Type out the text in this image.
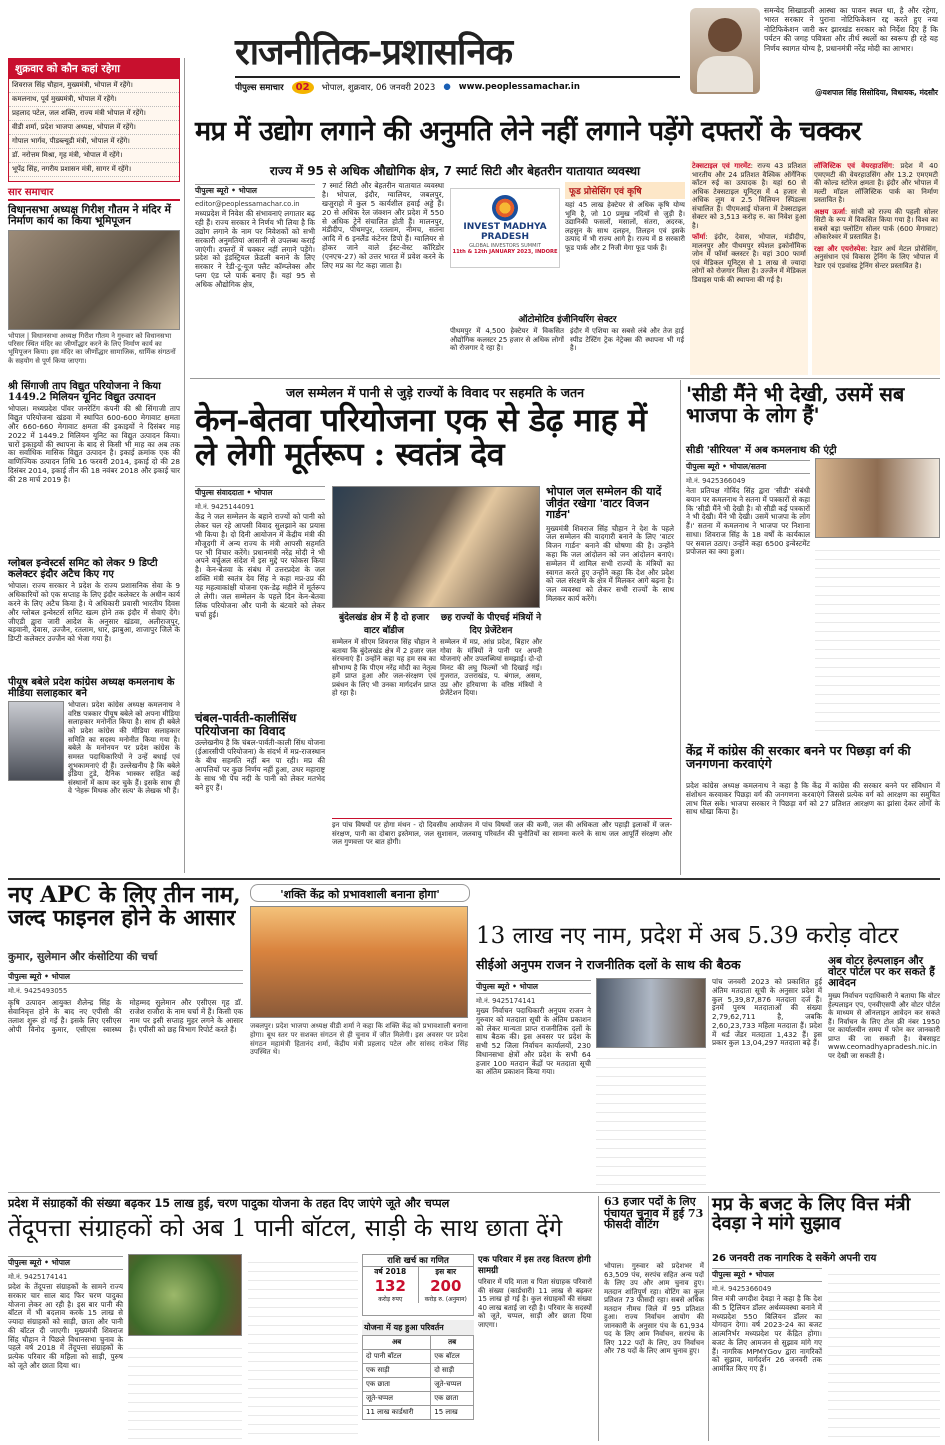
शुक्रवार को कौन कहां रहेगा
शिवराज सिंह चौहान, मुख्यमंत्री, भोपाल में रहेंगे।
कमलनाथ, पूर्व मुख्यमंत्री, भोपाल में रहेंगे।
प्रहलाद पटेल, जल शक्ति, राज्य मंत्री भोपाल में रहेंगे।
वीडी शर्मा, प्रदेश भाजपा अध्यक्ष, भोपाल में रहेंगे।
गोपाल भार्गव, पीडब्ल्यूडी मंत्री, भोपाल में रहेंगे।
डॉ. नरोत्तम मिश्रा, गृह मंत्री, भोपाल में रहेंगे।
भूपेंद्र सिंह, नगरीय प्रशासन मंत्री, सागर में रहेंगे।
राजनीतिक-प्रशासनिक
पीपुल्स समाचार	02	भोपाल, शुक्रवार, 06 जनवरी 2023 ● www.peoplessamachar.in
समन्वेद सिखाडजी आस्था का पावन स्थल था, है और रहेगा, भारत सरकार ने पुराना नोटिफिकेशन रद्द करते हुए नया नोटिफिकेशन जारी कर झारखंड सरकार को निर्देश दिए हैं कि पर्यटन की जगह पवित्रता और तीर्थ स्थलों का स्वरूप ही रहे यह निर्णय स्वागत योग्य है, प्रधानमंत्री नरेंद्र मोदी का आभार।
@यशपाल सिंह सिसोदिया, विधायक, मंदसौर
सार समाचार
विधानसभा अध्यक्ष गिरीश गौतम ने मंदिर में निर्माण कार्य का किया भूमिपूजन
भोपाल | विधानसभा अध्यक्ष गिरीश गौतम ने गुरुवार को विधानसभा परिसर स्थित मंदिर का जीर्णोद्धार करने के लिए निर्माण कार्य का भूमिपूजन किया। इस मंदिर का जीर्णोद्धार सामाजिक, धार्मिक संगठनों के सहयोग से पूर्ण किया जाएगा।
श्री सिंगाजी ताप विद्युत परियोजना ने किया 1449.2 मिलियन यूनिट विद्युत उत्पादन
भोपाल। मध्यप्रदेश पॉवर जनरेटिंग कंपनी की श्री सिंगाजी ताप विद्युत परियोजना खंडवा में स्थापित 600-600 मेगावाट क्षमता और 660-660 मेगावाट क्षमता की इकाइयों ने दिसंबर माह 2022 में 1449.2 मिलियन यूनिट का विद्युत उत्पादन किया। चारों इकाइयों की स्थापना के बाद से किसी भी माह का अब तक का सर्वाधिक मासिक विद्युत उत्पादन है। इकाई क्रमांक एक की वाणिज्यिक उत्पादन तिथि 16 फरवरी 2014, इकाई दो की 28 दिसंबर 2014, इकाई तीन की 18 नवंबर 2018 और इकाई चार की 28 मार्च 2019 है।
ग्लोबल इन्वेस्टर्स समिट को लेकर 9 डिप्टी कलेक्टर इंदौर अटैच किए गए
भोपाल। राज्य सरकार ने प्रदेश के राज्य प्रशासनिक सेवा के 9 अधिकारियों को एक सप्ताह के लिए इंदौर कलेक्टर के अधीन कार्य करने के लिए अटैच किया है। ये अधिकारी प्रवासी भारतीय दिवस और ग्लोबल इन्वेस्टर्स समिट खत्म होने तक इंदौर में सेवाएं देंगे। जीएडी द्वारा जारी आदेश के अनुसार खंडवा, अलीराजपुर, बड़वानी, देवास, उज्जैन, रतलाम, धार, झाबुआ, शाजापुर जिले के डिप्टी कलेक्टर उज्जैन को भेजा गया है।
पीयूष बबेले प्रदेश कांग्रेस अध्यक्ष कमलनाथ के मीडिया सलाहकार बने
भोपाल। प्रदेश कांग्रेस अध्यक्ष कमलनाथ ने वरिष्ठ पत्रकार पीयूष बबेले को अपना मीडिया सलाहकार मनोनीत किया है। साथ ही बबेले को प्रदेश कांग्रेस की मीडिया सलाहकार समिति का सदस्य मनोनीत किया गया है। बबेले के मनोनयन पर प्रदेश कांग्रेस के समस्त पदाधिकारियों ने उन्हें बधाई एवं शुभकामनाएं दी हैं। उल्लेखनीय है कि बबेले इंडिया टुडे, दैनिक भास्कर सहित कई संस्थानों में काम कर चुके हैं। इसके साथ ही वे 'नेहरू मिथक और सत्य' के लेखक भी हैं।
मप्र में उद्योग लगाने की अनुमति लेने नहीं लगाने पड़ेंगे दफ्तरों के चक्कर
राज्य में 95 से अधिक औद्योगिक क्षेत्र, 7 स्मार्ट सिटी और बेहतरीन यातायात व्यवस्था
पीपुल्स ब्यूरो • भोपाल
editor@peoplessamachar.co.in
मध्यप्रदेश में निवेश की संभावनाएं लगातार बढ़ रही हैं। राज्य सरकार ने निर्णय भी लिया है कि उद्योग लगाने के नाम पर निवेशकों को सभी सरकारी अनुमतियां आसानी से उपलब्ध कराई जाएंगी। दफ्तरों में चक्कर नहीं लगाने पड़ेंगे। प्रदेश को इंडस्ट्रियल फ्रेंडली बनाने के लिए सरकार ने रेडी-टू-यूज फ्लैट कॉम्प्लेक्स और प्लग एंड प्ले पार्क बनाए हैं। यहां 95 से अधिक औद्योगिक क्षेत्र,
7 स्मार्ट सिटी और बेहतरीन यातायात व्यवस्था है। भोपाल, इंदौर, ग्वालियर, जबलपुर, खजुराहो में कुल 5 कार्यशील हवाई अड्डे हैं। 20 से अधिक रेल जंक्शन और प्रदेश में 550 से अधिक ट्रेनें संचालित होती हैं। मालनपुर, मंडीदीप, पीथमपुर, रतलाम, नीमच, सतना आदि में 6 इनलैंड कंटेनर डिपो हैं। ग्वालियर से होकर जाने वाले ईस्ट-वेस्ट कॉरिडोर (एनएच-27) को उत्तर भारत में प्रवेश करने के लिए मप्र का गेट कहा जाता है।
INVEST MADHYA PRADESH
GLOBAL INVESTORS SUMMIT
11th & 12th JANUARY 2023, INDORE
फूड प्रोसेसिंग एवं कृषि
यहां 45 लाख हेक्टेयर से अधिक कृषि योग्य भूमि है, जो 10 प्रमुख नदियों से जुड़ी है। उद्यानिकी फसलों, मसालों, संतरा, अदरक, लहसुन के साथ दलहन, तिलहन एवं इसके उत्पाद में भी राज्य आगे है। राज्य में 8 सरकारी फूड पार्क और 2 निजी मेगा फूड पार्क हैं।
ऑटोमोटिव इंजीनियरिंग सेक्टर
पीथमपुर में 4,500 हेक्टेयर में विकसित औद्योगिक कलस्टर 25 हजार से अधिक लोगों को रोजगार दे रहा है।
इंदौर में एशिया का सबसे लंबे और तेज हाई स्पीड टेस्टिंग ट्रेक नेट्रेक्स की स्थापना भी गई है।
टेक्सटाइल एवं गारमेंट: राज्य 43 प्रतिशत भारतीय और 24 प्रतिशत वैश्विक ऑर्गेनिक कॉटन रुई का उत्पादक है। यहां 60 से अधिक टेक्सटाइल यूनिट्स में 4 हजार से अधिक लूम व 2.5 मिलियन स्पिंडल्स संचालित हैं। पीएमआई योजना में टेक्सटाइल सेक्टर को 3,513 करोड़ रु. का निवेश हुआ है।
फॉर्मा: इंदौर, देवास, भोपाल, मंडीदीप, मालनपुर और पीथमपुर स्पेशल इकोनॉमिक जोन में फॉर्मा क्लस्टर है। यहां 300 फार्मा एवं मेडिकल यूनिट्स से 1 लाख से ज्यादा लोगों को रोजगार मिला है। उज्जैन में मेडिकल डिवाइस पार्क की स्थापना की गई है।
लॉजिस्टिक एवं वेयरहाउसिंग: प्रदेश में 40 एमएमटी की वेयरहाउसिंग और 13.2 एमएमटी की कोल्ड स्टोरेज क्षमता है। इंदौर और भोपाल में मल्टी मॉडल लॉजिस्टिक पार्क का निर्माण प्रस्तावित है।
अक्षय ऊर्जा: सांची को राज्य की पहली सोलर सिटी के रूप में विकसित किया गया है। विश्व का सबसे बड़ा फ्लोटिंग सोलर पार्क (600 मेगावाट) ओंकारेश्वर में प्रस्तावित है।
रक्षा और एयरोस्पेस: रेडार अर्थ मेटल प्रोसेसिंग, अनुसंधान एवं विकास ट्रेनिंग के लिए भोपाल में रेडार एवं एडवांस्ड ट्रेनिंग सेन्टर प्रस्तावित है।
जल सम्मेलन में पानी से जुड़े राज्यों के विवाद पर सहमति के जतन
केन-बेतवा परियोजना एक से डेढ़ माह में ले लेगी मूर्तरूप : स्वतंत्र देव
पीपुल्स संवाददाता • भोपाल
मो.नं. 9425144091
केंद्र ने जल सम्मेलन के बहाने राज्यों को पानी को लेकर चल रहे आपसी विवाद सुलझाने का प्रयास भी किया है। दो दिनी आयोजन में केंद्रीय मंत्री की मौजूदगी में अन्य राज्य के मंत्री आपसी सहमति पर भी विचार करेंगे। प्रधानमंत्री नरेंद्र मोदी ने भी अपने वर्चुअल संदेश में इस मुद्दे पर फोकस किया है। केन-बेतवा के संबंध में उत्तरप्रदेश के जल शक्ति मंत्री स्वतंत्र देव सिंह ने कहा मप्र-उप्र की यह महत्वाकांक्षी योजना एक-डेढ़ महीने में मूर्तरूप ले लेगी। जल सम्मेलन के पहले दिन केन-बेतवा लिंक परियोजना और पानी के बंटवारे को लेकर चर्चा हुई।
चंबल-पार्वती-कालीसिंध परियोजना का विवाद
उल्लेखनीय है कि चंबल-पार्वती-काली सिंध योजना (ईआरसीपी परियोजना) के संदर्भ में मप्र-राजस्थान के बीच सहमति नहीं बन पा रही। मप्र की आपत्तियों पर कुछ निर्णय नहीं हुआ, उधर महाराष्ट्र के साथ भी पेंच नदी के पानी को लेकर मतभेद बने हुए हैं।
बुंदेलखंड क्षेत्र में है दो हजार वाटर बॉडीज
सम्मेलन में सीएम शिवराज सिंह चौहान ने बताया कि बुंदेलखंड क्षेत्र में 2 हजार जल संरचनाएं हैं। उन्होंने कहा यह हम सब का सौभाग्य है कि पीएम नरेंद्र मोदी का नेतृत्व हमें प्राप्त हुआ और जल-संरक्षण एवं प्रबंधन के लिए भी उनका मार्गदर्शन प्राप्त हो रहा है।
छह राज्यों के पीएचई मंत्रियों ने दिए प्रेजेंटेशन
सम्मेलन में मप्र, आंध्र प्रदेश, बिहार और गोवा के मंत्रियों ने पानी पर अपनी योजनाएं और उपलब्धियां समझाईं। दो-दो मिनट की लघु फिल्मों भी दिखाई गई। गुजरात, उत्तराखंड, प. बंगाल, असम, उप्र और हरियाणा के वरिष्ठ मंत्रियों ने प्रेजेंटेशन दिया।
इन पांच विषयों पर होगा मंथन - दो दिवसीय आयोजन में पांच विषयों जल की कमी, जल की अधिकता और पहाड़ी इलाकों में जल-संरक्षण, पानी का दोबारा इस्तेमाल, जल सुशासन, जलवायु परिवर्तन की चुनौतियों का सामना करने के साथ जल आपूर्ति संरक्षण और जल गुणवत्ता पर बात होगी।
भोपाल जल सम्मेलन की यादें जीवंत रखेगा 'वाटर विजन गार्डन'
मुख्यमंत्री शिवराज सिंह चौहान ने देश के पहले जल सम्मेलन की यादगारी बनाने के लिए 'वाटर विजन गार्डन' बनाने की घोषणा की है। उन्होंने कहा कि जल आंदोलन को जन आंदोलन बनाएं। सम्मेलन में शामिल सभी राज्यों के मंत्रियों का स्वागत करते हुए उन्होंने कहा कि देश और प्रदेश को जल संरक्षण के क्षेत्र में मिलकर आगे बढ़ना है। जल व्यवस्था को लेकर सभी राज्यों के साथ मिलकर कार्य करेंगे।
'सीडी मैंने भी देखी, उसमें सब भाजपा के लोग हैं'
सीडी 'सीरियल' में अब कमलनाथ की एंट्री
पीपुल्स ब्यूरो • भोपाल/सतना
मो.नं. 9425366049
नेता प्रतिपक्ष गोविंद सिंह द्वारा 'सीडी' संबंधी बयान पर कमलनाथ ने सतना में पत्रकारों से कहा कि 'सीडी मैंने भी देखी है। वो सीडी कई पत्रकारों ने भी देखी। मैंने भी देखी। उसमें भाजपा के लोग हैं।' सतना में कमलनाथ ने भाजपा पर निशाना साधा। शिवराज सिंह के 18 वर्षों के कार्यकाल पर सवाल उठाए। उन्होंने कहा 6500 इन्वेस्टमेंट प्रपोजल का क्या हुआ।
केंद्र में कांग्रेस की सरकार बनने पर पिछड़ा वर्ग की जनगणना करवाएंगे
प्रदेश कांग्रेस अध्यक्ष कमलनाथ ने कहा है कि केंद्र में कांग्रेस की सरकार बनने पर संविधान में संशोधन करवाकर पिछड़ा वर्ग की जनगणना करवाएंगे जिससे प्रत्येक वर्ग को आरक्षण का समुचित लाभ मिल सके। भाजपा सरकार ने पिछड़ा वर्ग को 27 प्रतिशत आरक्षण का झांसा देकर लोगों के साथ धोखा किया है।
नए APC के लिए तीन नाम, जल्द फाइनल होने के आसार
कुमार, सुलेमान और कंसोटिया की चर्चा
पीपुल्स ब्यूरो • भोपाल
मो.नं. 9425493055
कृषि उत्पादन आयुक्त शैलेन्द्र सिंह के सेवानिवृत्त होने के बाद नए एपीसी की तलाश शुरू हो गई है। इसके लिए एसीएस ओपी विनोद कुमार, एसीएस स्वास्थ्य मोहम्मद सुलेमान और एसीएस गृह डॉ. राजेश राजौरा के नाम चर्चा में हैं। किसी एक नाम पर इसी सप्ताह मुहर लगने के आसार हैं। एपीसी को छह विभाग रिपोर्ट करते हैं।
'शक्ति केंद्र को प्रभावशाली बनाना होगा'
जबलपुर। प्रदेश भाजपा अध्यक्ष वीडी शर्मा ने कहा कि शक्ति केंद्र को प्रभावशाली बनाना होगा। बूथ स्तर पर सशक्त संगठन से ही चुनाव में जीत मिलेगी। इस अवसर पर प्रदेश संगठन महामंत्री हितानंद शर्मा, केंद्रीय मंत्री प्रहलाद पटेल और सांसद राकेश सिंह उपस्थित थे।
13 लाख नए नाम, प्रदेश में अब 5.39 करोड़ वोटर
सीईओ अनुपम राजन ने राजनीतिक दलों के साथ की बैठक
पीपुल्स ब्यूरो • भोपाल
मो.नं. 9425174141
मुख्य निर्वाचन पदाधिकारी अनुपम राजन ने गुरुवार को मतदाता सूची के अंतिम प्रकाशन को लेकर मान्यता प्राप्त राजनीतिक दलों के साथ बैठक की। इस अवसर पर प्रदेश के सभी 52 जिला निर्वाचन कार्यालयों, 230 विधानसभा क्षेत्रों और प्रदेश के सभी 64 हजार 100 मतदान केंद्रों पर मतदाता सूची का अंतिम प्रकाशन किया गया।
पांच जनवरी 2023 को प्रकाशित हुई अंतिम मतदाता सूची के अनुसार प्रदेश में कुल 5,39,87,876 मतदाता दर्ज हैं। इनमें पुरुष मतदाताओं की संख्या 2,79,62,711 है, जबकि 2,60,23,733 महिला मतदाता हैं। प्रदेश में थर्ड जेंडर मतदाता 1,432 हैं। इस प्रकार कुल 13,04,297 मतदाता बढ़े हैं।
अब वोटर हेल्पलाइन और वोटर पोर्टल पर कर सकते हैं आवेदन
मुख्य निर्वाचन पदाधिकारी ने बताया कि वोटर हेल्पलाइन एप, एनवीएसपी और वोटर पोर्टल के माध्यम से ऑनलाइन आवेदन कर सकते हैं। निर्वाचन के लिए टोल फ्री नंबर 1950 पर कार्यालयीन समय में फोन कर जानकारी प्राप्त की जा सकती है। वेबसाइट www.ceomadhyapradesh.nic.in पर देखी जा सकती है।
प्रदेश में संग्राहकों की संख्या बढ़कर 15 लाख हुई, चरण पादुका योजना के तहत दिए जाएंगे जूते और चप्पल
तेंदूपत्ता संग्राहकों को अब 1 पानी बॉटल, साड़ी के साथ छाता देंगे
पीपुल्स ब्यूरो • भोपाल
मो.नं. 9425174141
प्रदेश के तेंदूपत्ता संग्राहकों के सामने राज्य सरकार चार साल बाद फिर चरण पादुका योजना लेकर आ रही है। इस बार पानी की बॉटल में भी बदलाव करके 15 लाख से ज्यादा संग्राहकों को साड़ी, छाता और पानी की बॉटल दी जाएगी। मुख्यमंत्री शिवराज सिंह चौहान ने पिछले विधानसभा चुनाव के पहले वर्ष 2018 में तेंदूपत्ता संग्राहकों के प्रत्येक परिवार की महिला को साड़ी, पुरुष को जूते और छाता दिया था।
राशि खर्च का गणित
वर्ष 2018
132
करोड़ रुपए
इस बार
200
करोड़ रु. (अनुमान)
योजना में यह हुआ परिवर्तन
अब	तब
दो पानी बॉटल	एक बॉटल
एक साड़ी	दो साड़ी
एक छाता	जूते-चप्पल
जूते-चप्पल	एक छाता
11 लाख कार्डधारी	15 लाख
एक परिवार में इस तरह वितरण होगी सामग्री
परिवार में यदि माता व पिता संग्राहक परिवारों की संख्या (कार्डधारी) 11 लाख से बढ़कर 15 लाख हो गई है। कुल संग्राहकों की संख्या 40 लाख बताई जा रही है। परिवार के सदस्यों को जूते, चप्पल, साड़ी और छाता दिया जाएगा।
63 हजार पदों के लिए पंचायत चुनाव में हुई 73 फीसदी वोटिंग
भोपाल। गुरुवार को प्रदेशभर में 63,509 पंच, सरपंच सहित अन्य पदों के लिए उप और आम चुनाव हुए। मतदान शांतिपूर्ण रहा। वोटिंग का कुल प्रतिशत 73 फीसदी रहा। सबसे अधिक मतदान नीमच जिले में 95 प्रतिशत हुआ। राज्य निर्वाचन आयोग की जानकारी के अनुसार पंच के 61,934 पद के लिए आम निर्वाचन, सरपंच के लिए 122 पदों के लिए, उप निर्वाचन और 78 पदों के लिए आम चुनाव हुए।
मप्र के बजट के लिए वित्त मंत्री देवड़ा ने मांगे सुझाव
26 जनवरी तक नागरिक दे सकेंगे अपनी राय
पीपुल्स ब्यूरो • भोपाल
मो.नं. 9425366049
वित्त मंत्री जगदीश देवड़ा ने कहा है कि देश की 5 ट्रिलियन डॉलर अर्थव्यवस्था बनाने में मध्यप्रदेश 550 बिलियन डॉलर का योगदान देगा। वर्ष 2023-24 का बजट आत्मनिर्भर मध्यप्रदेश पर केंद्रित होगा। बजट के लिए आमजन से सुझाव मांगे गए हैं। नागरिक MPMYGov द्वारा नागरिकों को सुझाव, मार्गदर्शन 26 जनवरी तक आमंत्रित किए गए हैं।
